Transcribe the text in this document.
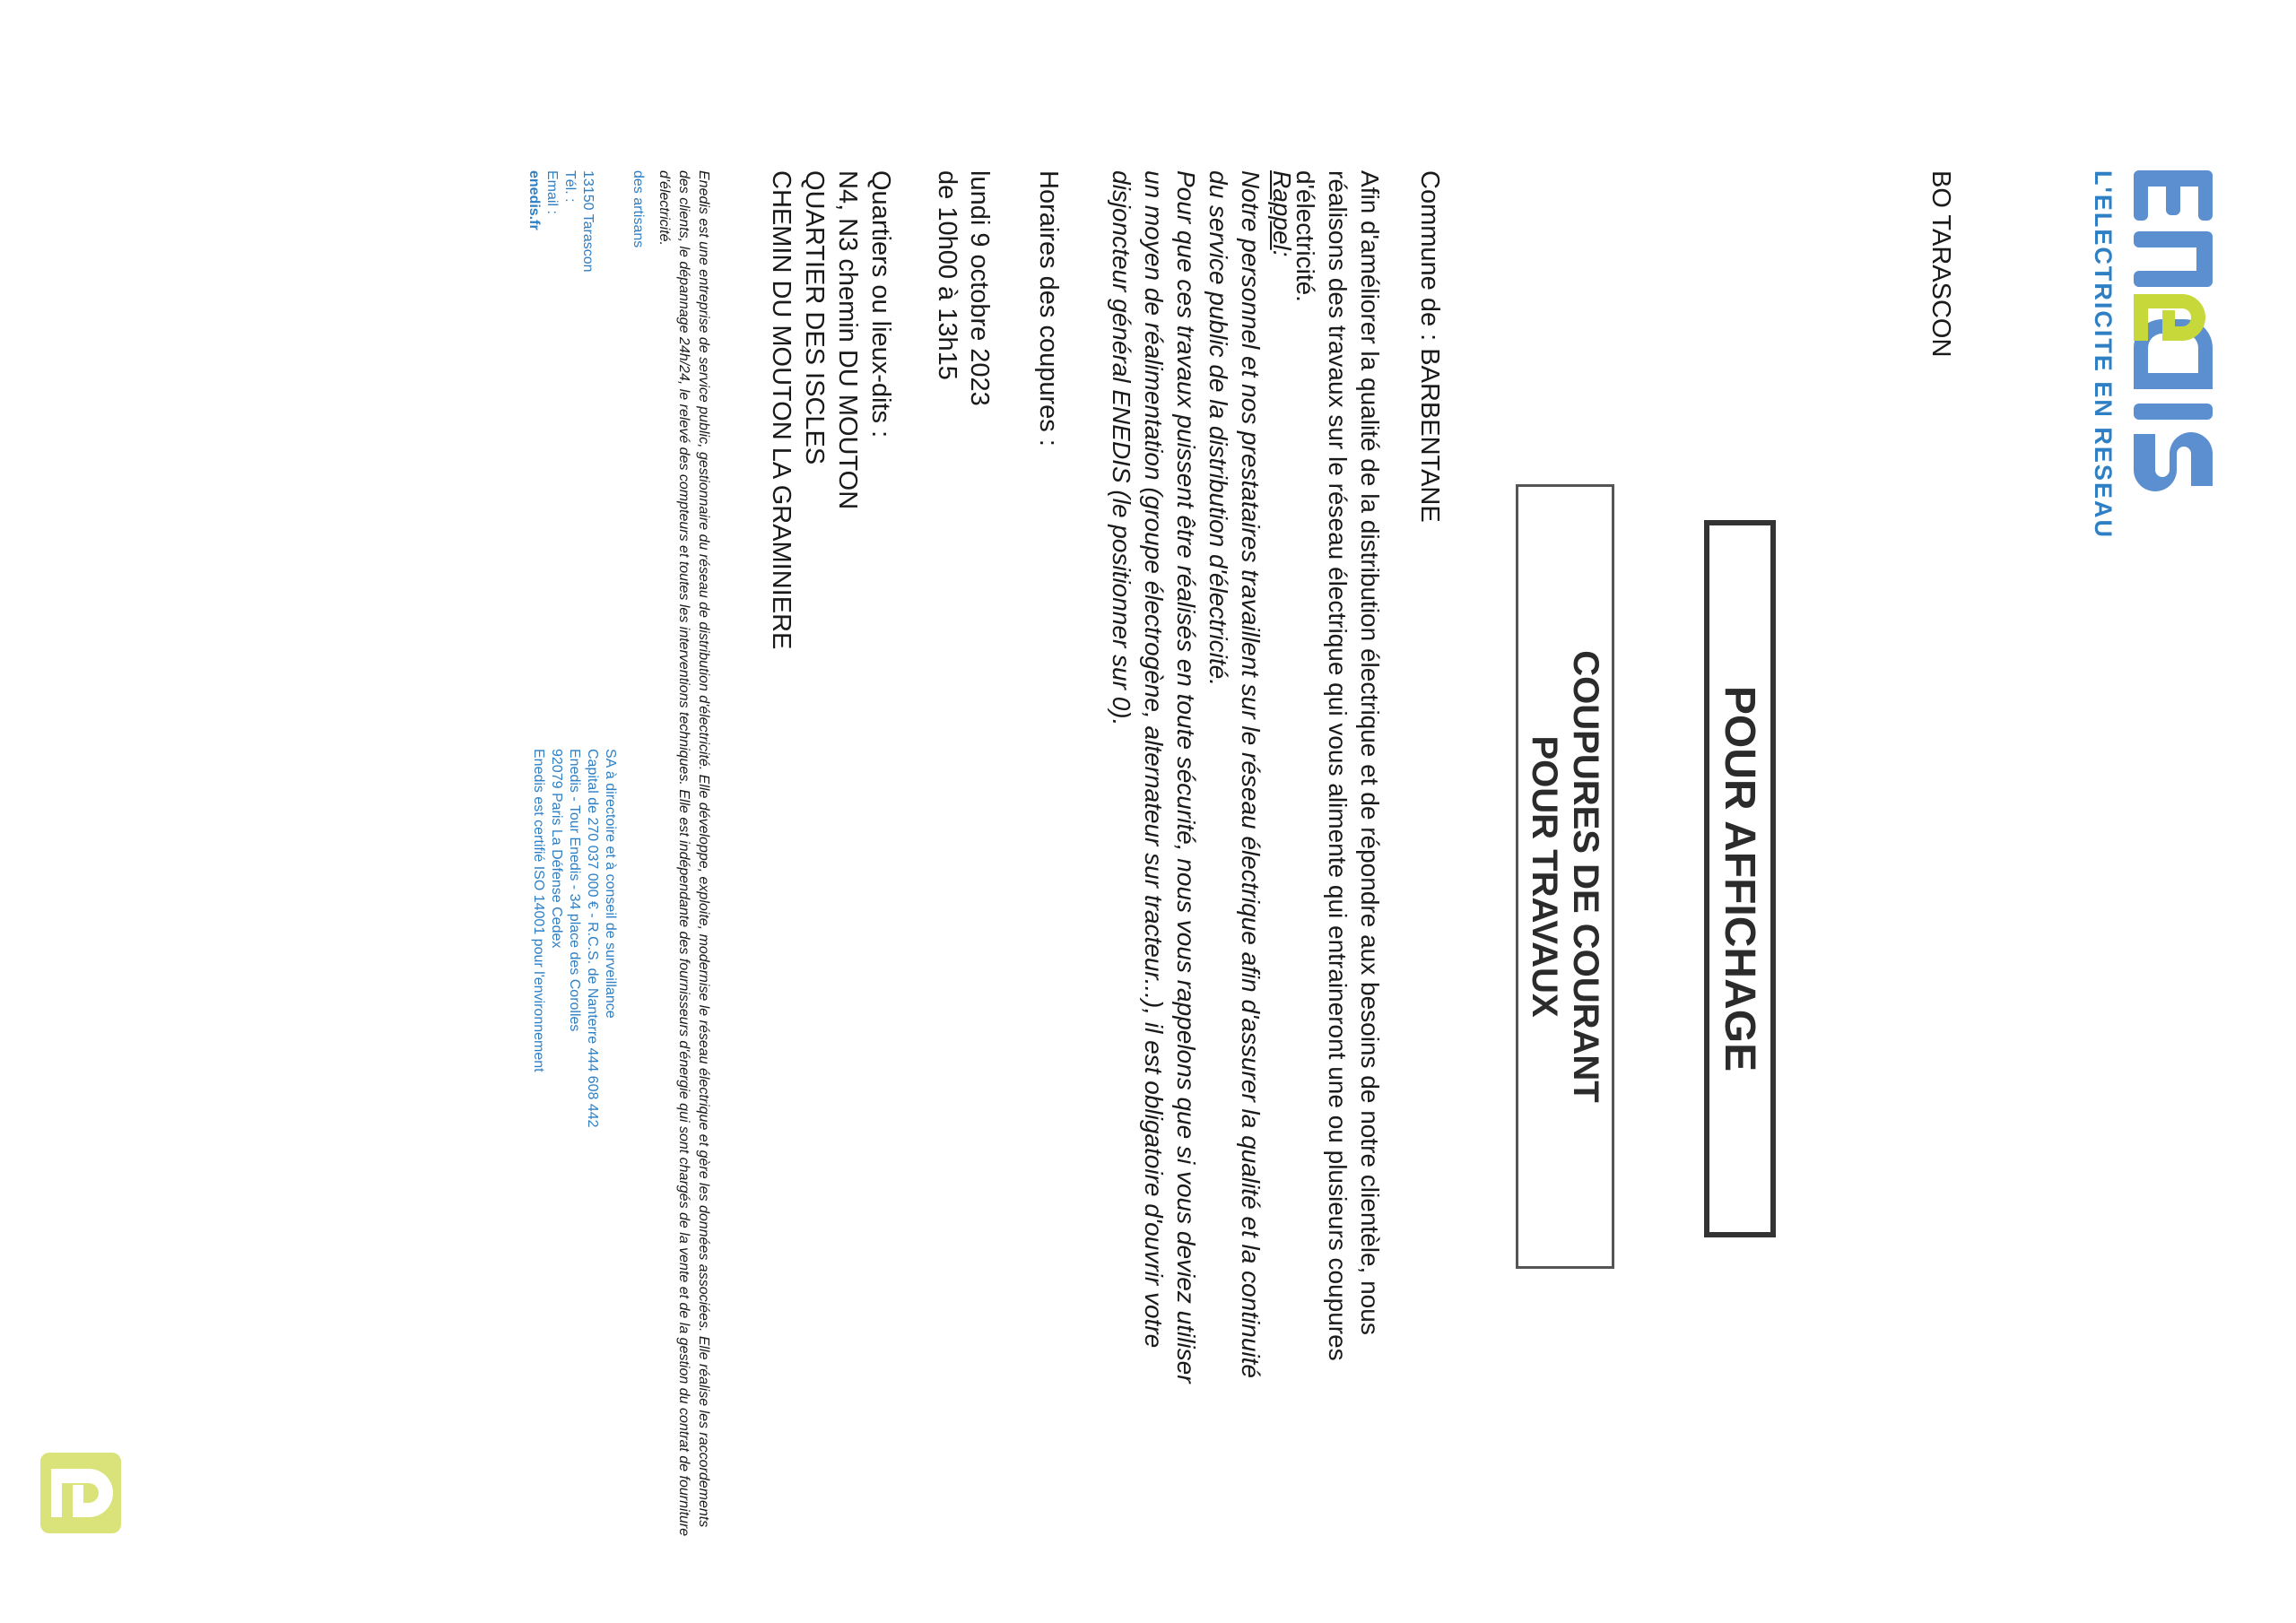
L'ELECTRICITE EN RESEAU
BO TARASCON
POUR AFFICHAGE
COUPURES DE COURANT
POUR TRAVAUX
Commune de : BARBENTANE
Afin d'améliorer la qualité de la distribution électrique et de répondre aux besoins de notre clientèle, nous réalisons des travaux sur le réseau électrique qui vous alimente qui entraineront une ou plusieurs coupures d'électricité.
Rappel:

Notre personnel et nos prestataires travaillent sur le réseau électrique afin d'assurer la qualité et la continuité du service public de la distribution d'électricité.

Pour que ces travaux puissent être réalisés en toute sécurité, nous vous rappelons que si vous deviez utiliser un moyen de réalimentation (groupe électrogène, alternateur sur tracteur...), il est obligatoire d'ouvrir votre disjoncteur général ENEDIS (le positionner sur 0).

Horaires des coupures :
lundi 9 octobre 2023
de 10h00 à 13h15
Quartiers ou lieux-dits :
N4, N3 chemin DU MOUTON
QUARTIER DES ISCLES
CHEMIN DU MOUTON LA GRAMINIERE
Enedis est une entreprise de service public, gestionnaire du réseau de distribution d'électricité. Elle développe, exploite, modernise le réseau électrique et gère les données associées. Elle réalise les raccordements des clients, le dépannage 24h/24, le relevé des compteurs et toutes les interventions techniques. Elle est indépendante des fournisseurs d'énergie qui sont chargés de la vente et de la gestion du contrat de fourniture d'électricité.
des artisans
13150 Tarascon
Tél. :
Email :
enedis.fr
SA à directoire et à conseil de surveillance
Capital de 270 037 000 € - R.C.S. de Nanterre 444 608 442
Enedis - Tour Enedis - 34 place des Corolles
92079 Paris La Défense Cedex
Enedis est certifié ISO 14001 pour l'environnement
